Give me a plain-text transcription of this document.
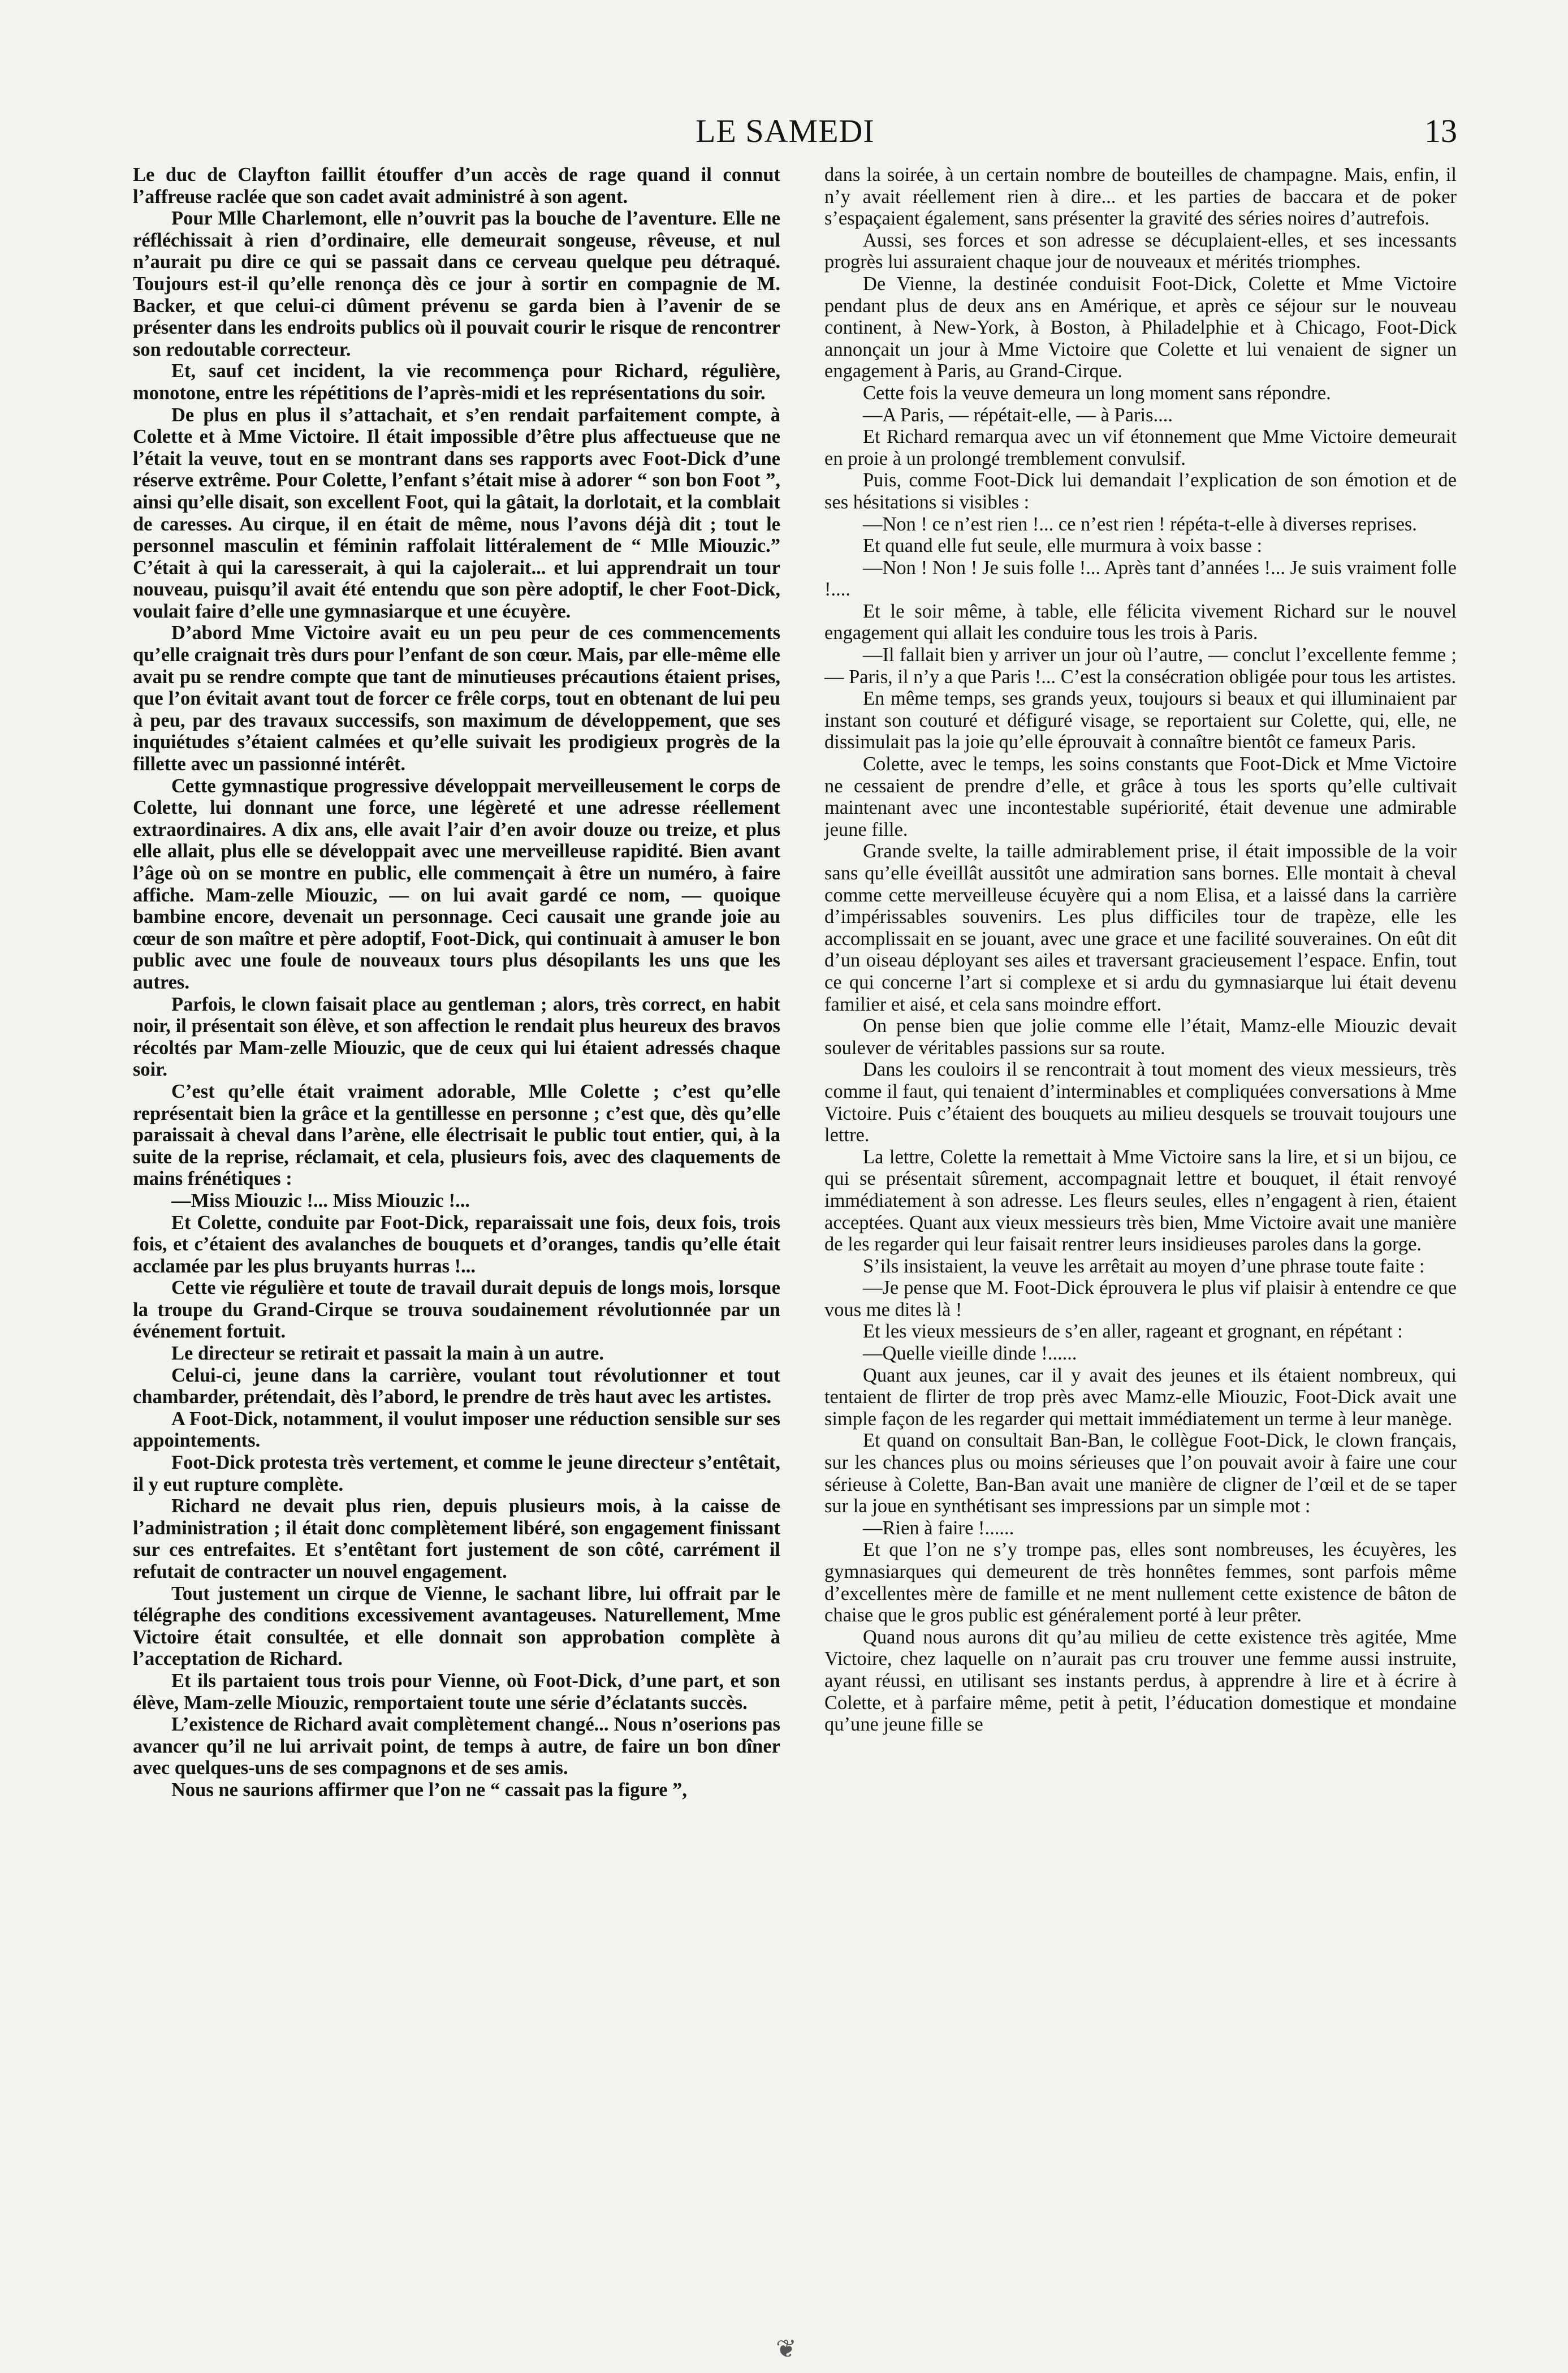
LE SAMEDI	13

Le duc de Clayfton faillit étouffer d’un accès de rage quand il connut l’affreuse raclée que son cadet avait administré à son agent.

Pour Mlle Charlemont, elle n’ouvrit pas la bouche de l’aventure. Elle ne réfléchissait à rien d’ordinaire, elle demeurait songeuse, rêveuse, et nul n’aurait pu dire ce qui se passait dans ce cerveau quelque peu détraqué. Toujours est-il qu’elle renonça dès ce jour à sortir en compagnie de M. Backer, et que celui-ci dûment prévenu se garda bien à l’avenir de se présenter dans les endroits publics où il pouvait courir le risque de rencontrer son redoutable correcteur.

Et, sauf cet incident, la vie recommença pour Richard, régulière, monotone, entre les répétitions de l’après-midi et les représentations du soir.

De plus en plus il s’attachait, et s’en rendait parfaitement compte, à Colette et à Mme Victoire. Il était impossible d’être plus affectueuse que ne l’était la veuve, tout en se montrant dans ses rapports avec Foot-Dick d’une réserve extrême. Pour Colette, l’enfant s’était mise à adorer “ son bon Foot ”, ainsi qu’elle disait, son excellent Foot, qui la gâtait, la dorlotait, et la comblait de caresses. Au cirque, il en était de même, nous l’avons déjà dit ; tout le personnel masculin et féminin raffolait littéralement de “ Mlle Miouzic.” C’était à qui la caresserait, à qui la cajolerait... et lui apprendrait un tour nouveau, puisqu’il avait été entendu que son père adoptif, le cher Foot-Dick, voulait faire d’elle une gymnasiarque et une écuyère.

D’abord Mme Victoire avait eu un peu peur de ces commencements qu’elle craignait très durs pour l’enfant de son cœur. Mais, par elle-même elle avait pu se rendre compte que tant de minutieuses précautions étaient prises, que l’on évitait avant tout de forcer ce frêle corps, tout en obtenant de lui peu à peu, par des travaux successifs, son maximum de développement, que ses inquiétudes s’étaient calmées et qu’elle suivait les prodigieux progrès de la fillette avec un passionné intérêt.

Cette gymnastique progressive développait merveilleusement le corps de Colette, lui donnant une force, une légèreté et une adresse réellement extraordinaires. A dix ans, elle avait l’air d’en avoir douze ou treize, et plus elle allait, plus elle se développait avec une merveilleuse rapidité. Bien avant l’âge où on se montre en public, elle commençait à être un numéro, à faire affiche. Mam-zelle Miouzic, — on lui avait gardé ce nom, — quoique bambine encore, devenait un personnage. Ceci causait une grande joie au cœur de son maître et père adoptif, Foot-Dick, qui continuait à amuser le bon public avec une foule de nouveaux tours plus désopilants les uns que les autres.

Parfois, le clown faisait place au gentleman ; alors, très correct, en habit noir, il présentait son élève, et son affection le rendait plus heureux des bravos récoltés par Mam-zelle Miouzic, que de ceux qui lui étaient adressés chaque soir.

C’est qu’elle était vraiment adorable, Mlle Colette ; c’est qu’elle représentait bien la grâce et la gentillesse en personne ; c’est que, dès qu’elle paraissait à cheval dans l’arène, elle électrisait le public tout entier, qui, à la suite de la reprise, réclamait, et cela, plusieurs fois, avec des claquements de mains frénétiques :

—Miss Miouzic !... Miss Miouzic !...

Et Colette, conduite par Foot-Dick, reparaissait une fois, deux fois, trois fois, et c’étaient des avalanches de bouquets et d’oranges, tandis qu’elle était acclamée par les plus bruyants hurras !...

Cette vie régulière et toute de travail durait depuis de longs mois, lorsque la troupe du Grand-Cirque se trouva soudainement révolutionnée par un événement fortuit.

Le directeur se retirait et passait la main à un autre.

Celui-ci, jeune dans la carrière, voulant tout révolutionner et tout chambarder, prétendait, dès l’abord, le prendre de très haut avec les artistes.

A Foot-Dick, notamment, il voulut imposer une réduction sensible sur ses appointements.

Foot-Dick protesta très vertement, et comme le jeune directeur s’entêtait, il y eut rupture complète.

Richard ne devait plus rien, depuis plusieurs mois, à la caisse de l’administration ; il était donc complètement libéré, son engagement finissant sur ces entrefaites. Et s’entêtant fort justement de son côté, carrément il refutait de contracter un nouvel engagement.

Tout justement un cirque de Vienne, le sachant libre, lui offrait par le télégraphe des conditions excessivement avantageuses. Naturellement, Mme Victoire était consultée, et elle donnait son approbation complète à l’acceptation de Richard.

Et ils partaient tous trois pour Vienne, où Foot-Dick, d’une part, et son élève, Mam-zelle Miouzic, remportaient toute une série d’éclatants succès.

L’existence de Richard avait complètement changé... Nous n’oserions pas avancer qu’il ne lui arrivait point, de temps à autre, de faire un bon dîner avec quelques-uns de ses compagnons et de ses amis.

Nous ne saurions affirmer que l’on ne “ cassait pas la figure ”,

dans la soirée, à un certain nombre de bouteilles de champagne. Mais, enfin, il n’y avait réellement rien à dire... et les parties de baccara et de poker s’espaçaient également, sans présenter la gravité des séries noires d’autrefois.

Aussi, ses forces et son adresse se décuplaient-elles, et ses incessants progrès lui assuraient chaque jour de nouveaux et mérités triomphes.

De Vienne, la destinée conduisit Foot-Dick, Colette et Mme Victoire pendant plus de deux ans en Amérique, et après ce séjour sur le nouveau continent, à New-York, à Boston, à Philadelphie et à Chicago, Foot-Dick annonçait un jour à Mme Victoire que Colette et lui venaient de signer un engagement à Paris, au Grand-Cirque.

Cette fois la veuve demeura un long moment sans répondre.

—A Paris, — répétait-elle, — à Paris....

Et Richard remarqua avec un vif étonnement que Mme Victoire demeurait en proie à un prolongé tremblement convulsif.

Puis, comme Foot-Dick lui demandait l’explication de son émotion et de ses hésitations si visibles :

—Non ! ce n’est rien !... ce n’est rien ! répéta-t-elle à diverses reprises.

Et quand elle fut seule, elle murmura à voix basse :

—Non ! Non ! Je suis folle !... Après tant d’années !... Je suis vraiment folle !....

Et le soir même, à table, elle félicita vivement Richard sur le nouvel engagement qui allait les conduire tous les trois à Paris.

—Il fallait bien y arriver un jour où l’autre, — conclut l’excellente femme ; — Paris, il n’y a que Paris !... C’est la consécration obligée pour tous les artistes.

En même temps, ses grands yeux, toujours si beaux et qui illuminaient par instant son couturé et défiguré visage, se reportaient sur Colette, qui, elle, ne dissimulait pas la joie qu’elle éprouvait à connaître bientôt ce fameux Paris.

Colette, avec le temps, les soins constants que Foot-Dick et Mme Victoire ne cessaient de prendre d’elle, et grâce à tous les sports qu’elle cultivait maintenant avec une incontestable supériorité, était devenue une admirable jeune fille.

Grande svelte, la taille admirablement prise, il était impossible de la voir sans qu’elle éveillât aussitôt une admiration sans bornes. Elle montait à cheval comme cette merveilleuse écuyère qui a nom Elisa, et a laissé dans la carrière d’impérissables souvenirs. Les plus difficiles tour de trapèze, elle les accomplissait en se jouant, avec une grace et une facilité souveraines. On eût dit d’un oiseau déployant ses ailes et traversant gracieusement l’espace. Enfin, tout ce qui concerne l’art si complexe et si ardu du gymnasiarque lui était devenu familier et aisé, et cela sans moindre effort.

On pense bien que jolie comme elle l’était, Mamz-elle Miouzic devait soulever de véritables passions sur sa route.

Dans les couloirs il se rencontrait à tout moment des vieux messieurs, très comme il faut, qui tenaient d’interminables et compliquées conversations à Mme Victoire. Puis c’étaient des bouquets au milieu desquels se trouvait toujours une lettre.

La lettre, Colette la remettait à Mme Victoire sans la lire, et si un bijou, ce qui se présentait sûrement, accompagnait lettre et bouquet, il était renvoyé immédiatement à son adresse. Les fleurs seules, elles n’engagent à rien, étaient acceptées. Quant aux vieux messieurs très bien, Mme Victoire avait une manière de les regarder qui leur faisait rentrer leurs insidieuses paroles dans la gorge.

S’ils insistaient, la veuve les arrêtait au moyen d’une phrase toute faite :

—Je pense que M. Foot-Dick éprouvera le plus vif plaisir à entendre ce que vous me dites là !

Et les vieux messieurs de s’en aller, rageant et grognant, en répétant :

—Quelle vieille dinde !......

Quant aux jeunes, car il y avait des jeunes et ils étaient nombreux, qui tentaient de flirter de trop près avec Mamz-elle Miouzic, Foot-Dick avait une simple façon de les regarder qui mettait immédiatement un terme à leur manège.

Et quand on consultait Ban-Ban, le collègue Foot-Dick, le clown français, sur les chances plus ou moins sérieuses que l’on pouvait avoir à faire une cour sérieuse à Colette, Ban-Ban avait une manière de cligner de l’œil et de se taper sur la joue en synthétisant ses impressions par un simple mot :

—Rien à faire !......

Et que l’on ne s’y trompe pas, elles sont nombreuses, les écuyères, les gymnasiarques qui demeurent de très honnêtes femmes, sont parfois même d’excellentes mère de famille et ne ment nullement cette existence de bâton de chaise que le gros public est généralement porté à leur prêter.

Quand nous aurons dit qu’au milieu de cette existence très agitée, Mme Victoire, chez laquelle on n’aurait pas cru trouver une femme aussi instruite, ayant réussi, en utilisant ses instants perdus, à apprendre à lire et à écrire à Colette, et à parfaire même, petit à petit, l’éducation domestique et mondaine qu’une jeune fille se

❦
